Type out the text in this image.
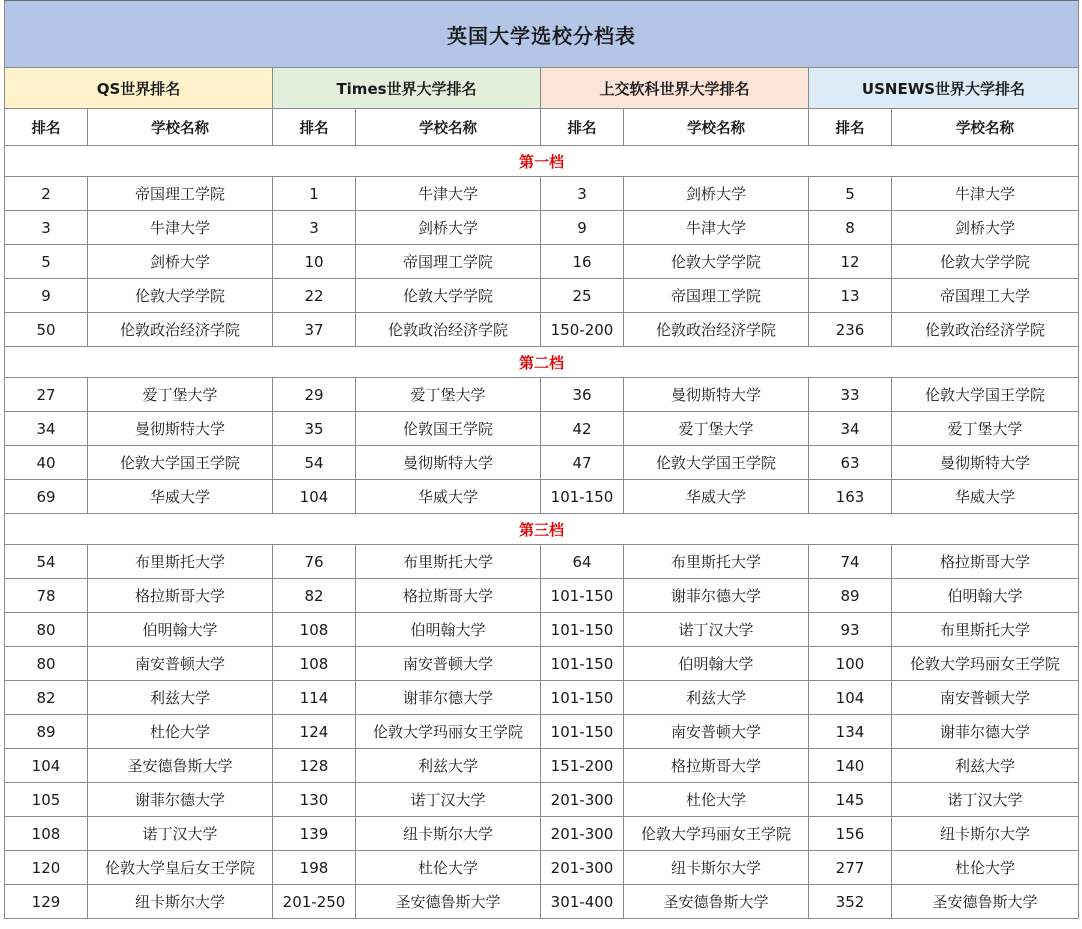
英国大学选校分档表							
QS世界排名		Times世界大学排名		上交软科世界大学排名		USNEWS世界大学排名	
排名	学校名称	排名	学校名称	排名	学校名称	排名	学校名称
第一档							
2	帝国理工学院	1	牛津大学	3	剑桥大学	5	牛津大学
3	牛津大学	3	剑桥大学	9	牛津大学	8	剑桥大学
5	剑桥大学	10	帝国理工学院	16	伦敦大学学院	12	伦敦大学学院
9	伦敦大学学院	22	伦敦大学学院	25	帝国理工学院	13	帝国理工大学
50	伦敦政治经济学院	37	伦敦政治经济学院	150-200	伦敦政治经济学院	236	伦敦政治经济学院
第二档							
27	爱丁堡大学	29	爱丁堡大学	36	曼彻斯特大学	33	伦敦大学国王学院
34	曼彻斯特大学	35	伦敦国王学院	42	爱丁堡大学	34	爱丁堡大学
40	伦敦大学国王学院	54	曼彻斯特大学	47	伦敦大学国王学院	63	曼彻斯特大学
69	华威大学	104	华威大学	101-150	华威大学	163	华威大学
第三档							
54	布里斯托大学	76	布里斯托大学	64	布里斯托大学	74	格拉斯哥大学
78	格拉斯哥大学	82	格拉斯哥大学	101-150	谢菲尔德大学	89	伯明翰大学
80	伯明翰大学	108	伯明翰大学	101-150	诺丁汉大学	93	布里斯托大学
80	南安普顿大学	108	南安普顿大学	101-150	伯明翰大学	100	伦敦大学玛丽女王学院
82	利兹大学	114	谢菲尔德大学	101-150	利兹大学	104	南安普顿大学
89	杜伦大学	124	伦敦大学玛丽女王学院	101-150	南安普顿大学	134	谢菲尔德大学
104	圣安德鲁斯大学	128	利兹大学	151-200	格拉斯哥大学	140	利兹大学
105	谢菲尔德大学	130	诺丁汉大学	201-300	杜伦大学	145	诺丁汉大学
108	诺丁汉大学	139	纽卡斯尔大学	201-300	伦敦大学玛丽女王学院	156	纽卡斯尔大学
120	伦敦大学皇后女王学院	198	杜伦大学	201-300	纽卡斯尔大学	277	杜伦大学
129	纽卡斯尔大学	201-250	圣安德鲁斯大学	301-400	圣安德鲁斯大学	352	圣安德鲁斯大学
